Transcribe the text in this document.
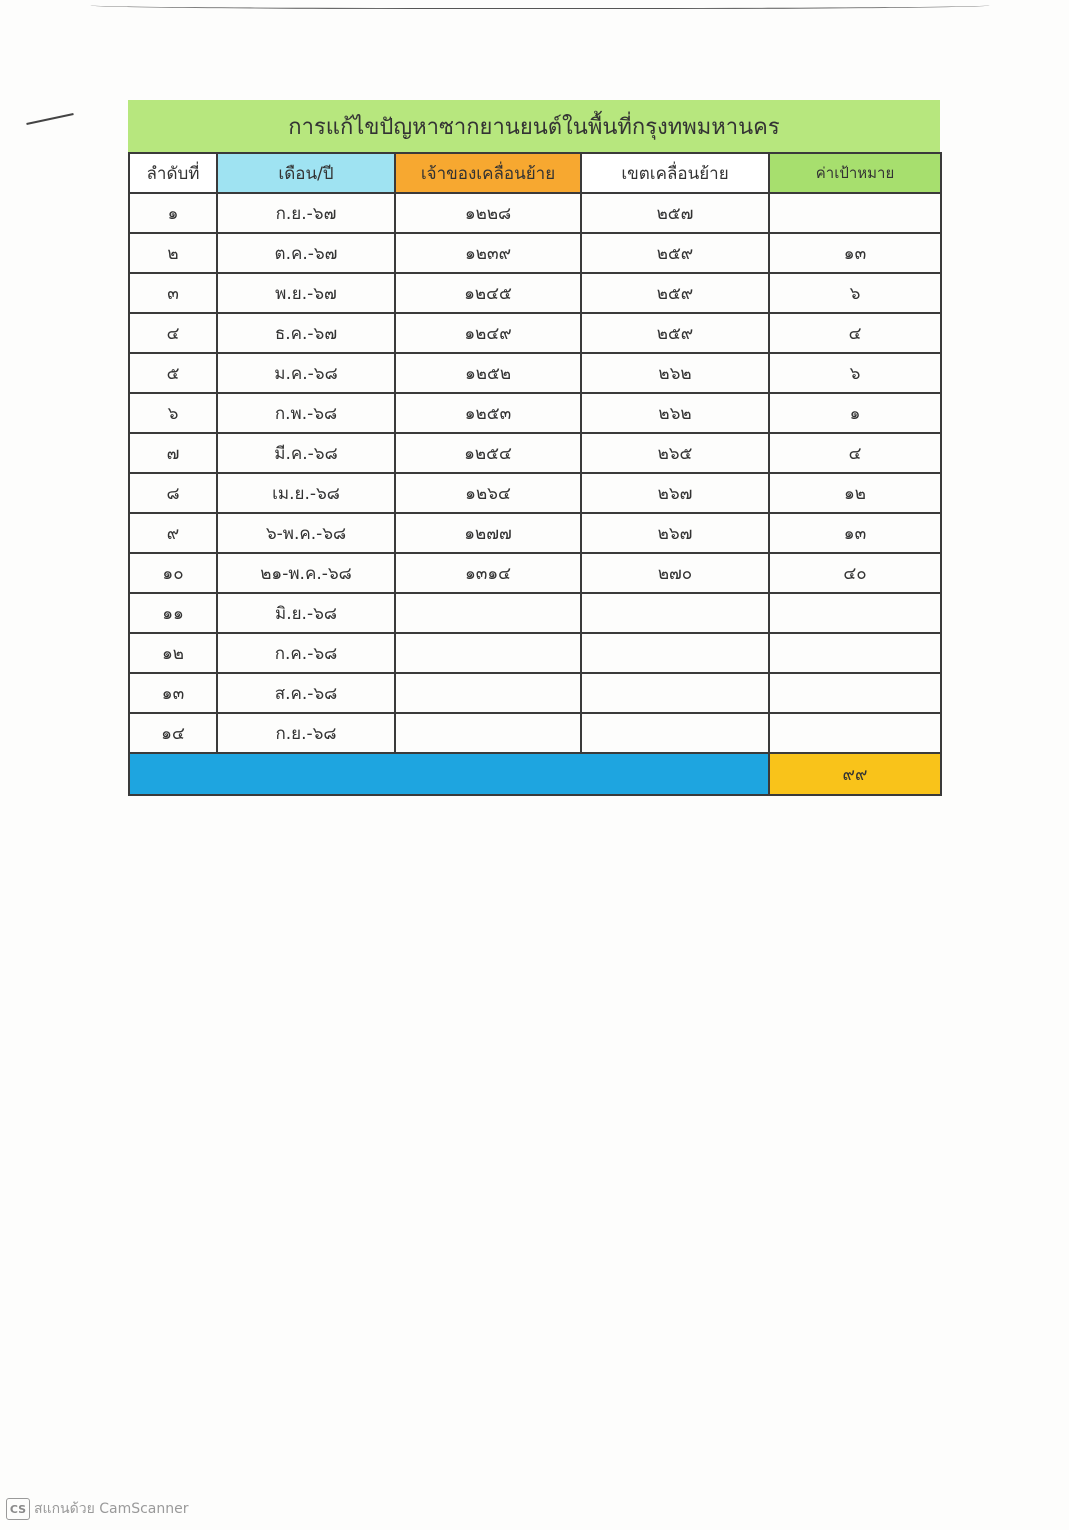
การแก้ไขปัญหาซากยานยนต์ในพื้นที่กรุงทพมหานคร
ลำดับที่	เดือน/ปี	เจ้าของเคลื่อนย้าย	เขตเคลื่อนย้าย	ค่าเป้าหมาย
๑	ก.ย.-๖๗	๑๒๒๘	๒๕๗	
๒	ต.ค.-๖๗	๑๒๓๙	๒๕๙	๑๓
๓	พ.ย.-๖๗	๑๒๔๕	๒๕๙	๖
๔	ธ.ค.-๖๗	๑๒๔๙	๒๕๙	๔
๕	ม.ค.-๖๘	๑๒๕๒	๒๖๒	๖
๖	ก.พ.-๖๘	๑๒๕๓	๒๖๒	๑
๗	มี.ค.-๖๘	๑๒๕๔	๒๖๕	๔
๘	เม.ย.-๖๘	๑๒๖๔	๒๖๗	๑๒
๙	๖-พ.ค.-๖๘	๑๒๗๗	๒๖๗	๑๓
๑๐	๒๑-พ.ค.-๖๘	๑๓๑๔	๒๗๐	๔๐
๑๑	มิ.ย.-๖๘			
๑๒	ก.ค.-๖๘			
๑๓	ส.ค.-๖๘			
๑๔	ก.ย.-๖๘			
				๙๙
CS สแกนด้วย CamScanner
